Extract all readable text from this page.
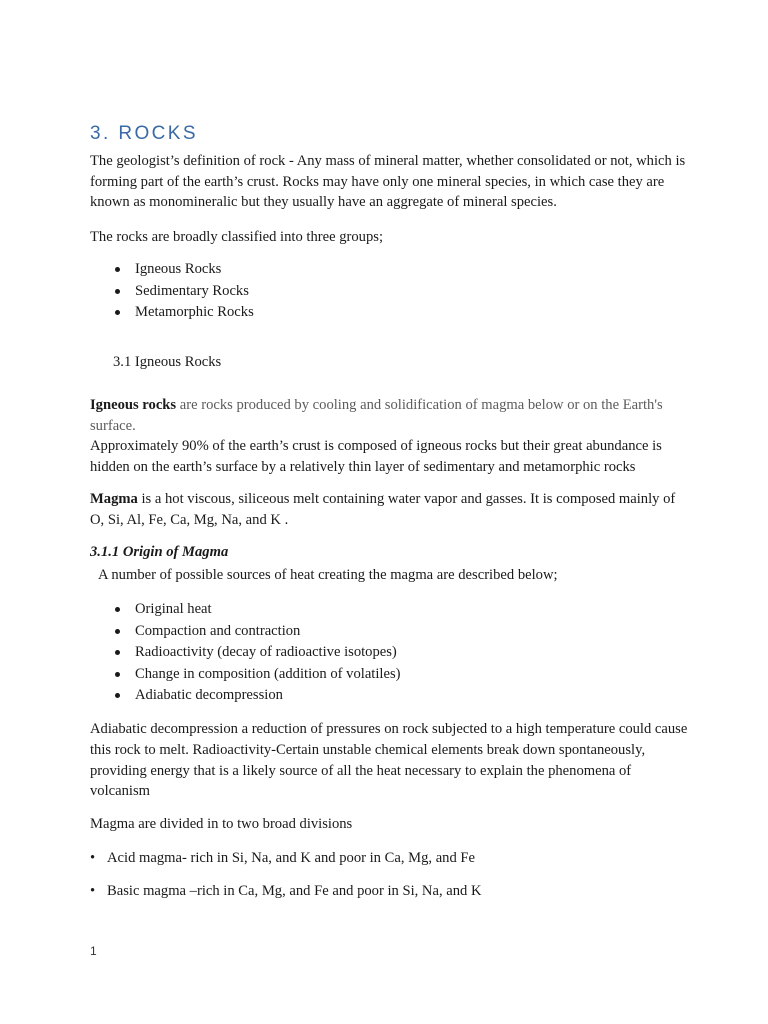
3. ROCKS

The geologist’s definition of rock - Any mass of mineral matter, whether consolidated or not, which is forming part of the earth’s crust. Rocks may have only one mineral species, in which case they are known as monomineralic but they usually have an aggregate of mineral species.

The rocks are broadly classified into three groups;

Igneous Rocks
Sedimentary Rocks
Metamorphic Rocks

3.1 Igneous Rocks

Igneous rocks are rocks produced by cooling and solidification of magma below or on the Earth's surface.

Approximately 90% of the earth’s crust is composed of igneous rocks but their great abundance is hidden on the earth’s surface by a relatively thin layer of sedimentary and metamorphic rocks

Magma is a hot viscous, siliceous melt containing water vapor and gasses. It is composed mainly of O, Si, Al, Fe, Ca, Mg, Na, and K .

3.1.1 Origin of Magma

A number of possible sources of heat creating the magma are described below;

Original heat
Compaction and contraction
Radioactivity (decay of radioactive isotopes)
Change in composition (addition of volatiles)
Adiabatic decompression

Adiabatic decompression a reduction of pressures on rock subjected to a high temperature could cause this rock to melt. Radioactivity-Certain unstable chemical elements break down spontaneously, providing energy that is a likely source of all the heat necessary to explain the phenomena of volcanism

Magma are divided in to two broad divisions

• Acid magma- rich in Si, Na, and K and poor in Ca, Mg, and Fe

• Basic magma –rich in Ca, Mg, and Fe and poor in Si, Na, and K

1
